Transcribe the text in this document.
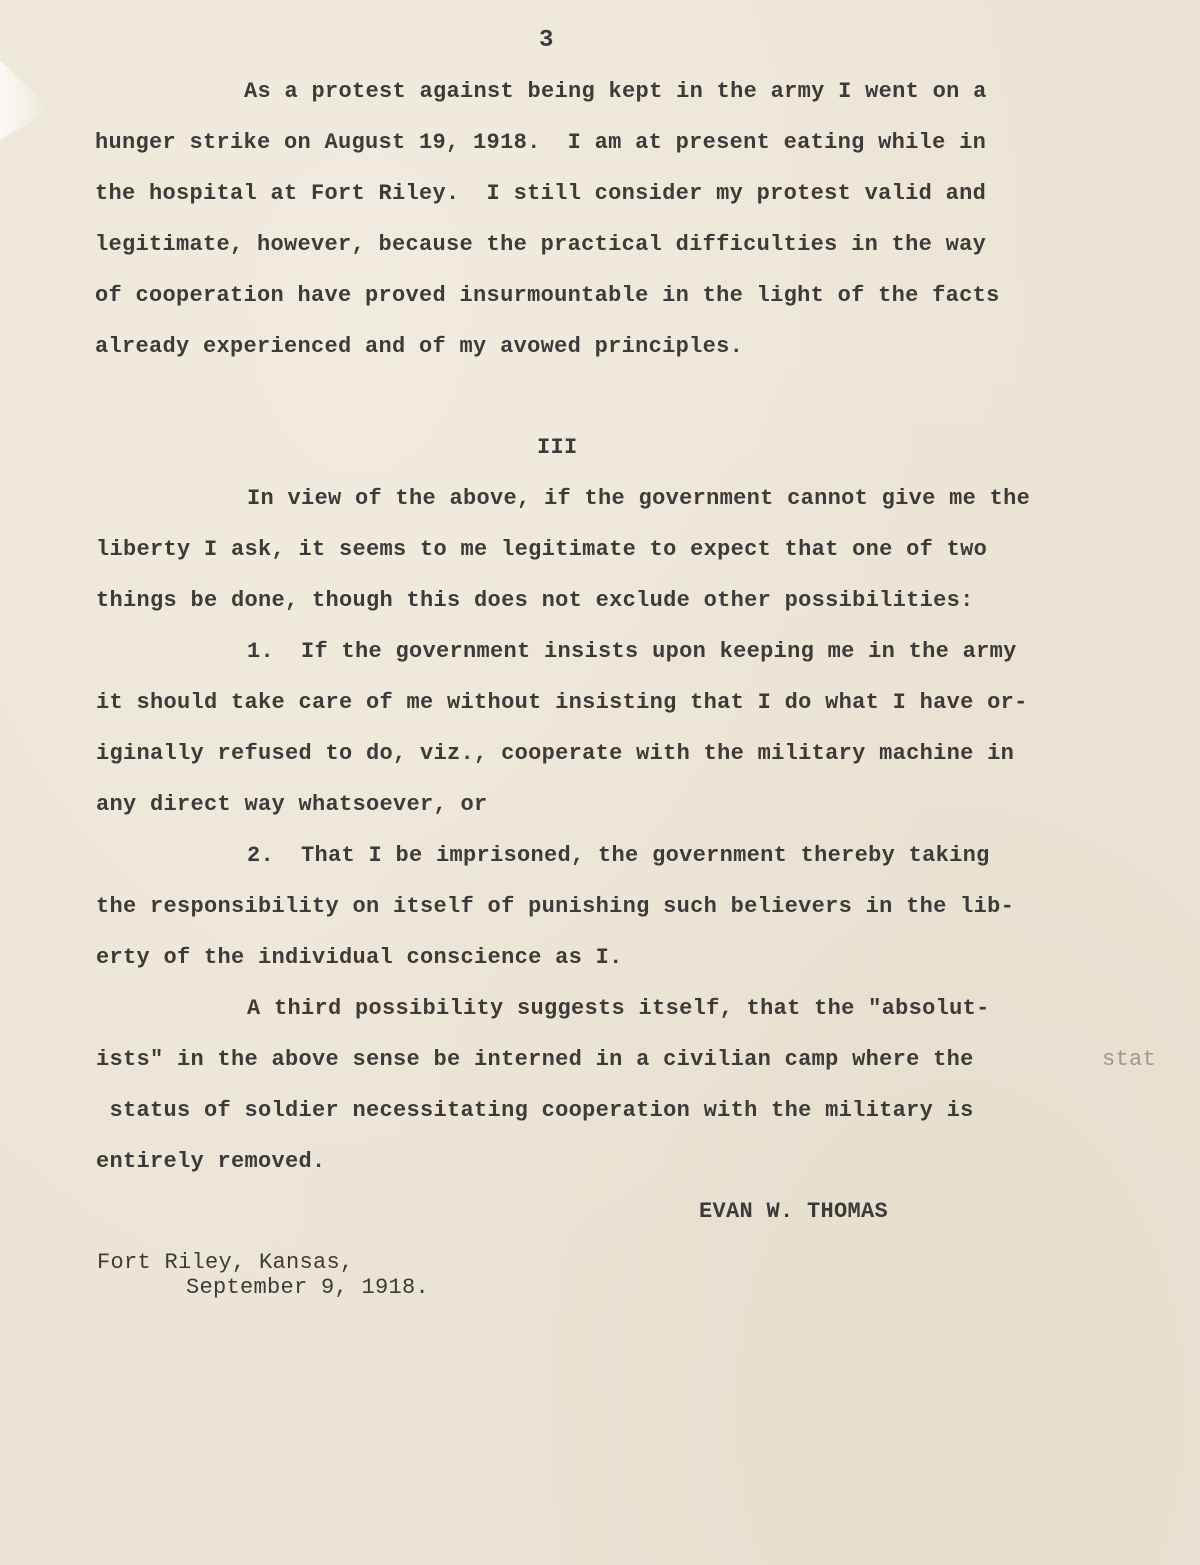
3
As a protest against being kept in the army I went on a
hunger strike on August 19, 1918.  I am at present eating while in
the hospital at Fort Riley.  I still consider my protest valid and
legitimate, however, because the practical difficulties in the way
of cooperation have proved insurmountable in the light of the facts
already experienced and of my avowed principles.
III
In view of the above, if the government cannot give me the
liberty I ask, it seems to me legitimate to expect that one of two
things be done, though this does not exclude other possibilities:
1.  If the government insists upon keeping me in the army
it should take care of me without insisting that I do what I have or-
iginally refused to do, viz., cooperate with the military machine in
any direct way whatsoever, or
2.  That I be imprisoned, the government thereby taking
the responsibility on itself of punishing such believers in the lib-
erty of the individual conscience as I.
A third possibility suggests itself, that the "absolut-
ists" in the above sense be interned in a civilian camp where the	stat
status of soldier necessitating cooperation with the military is
entirely removed.
EVAN W. THOMAS
Fort Riley, Kansas,
September 9, 1918.
